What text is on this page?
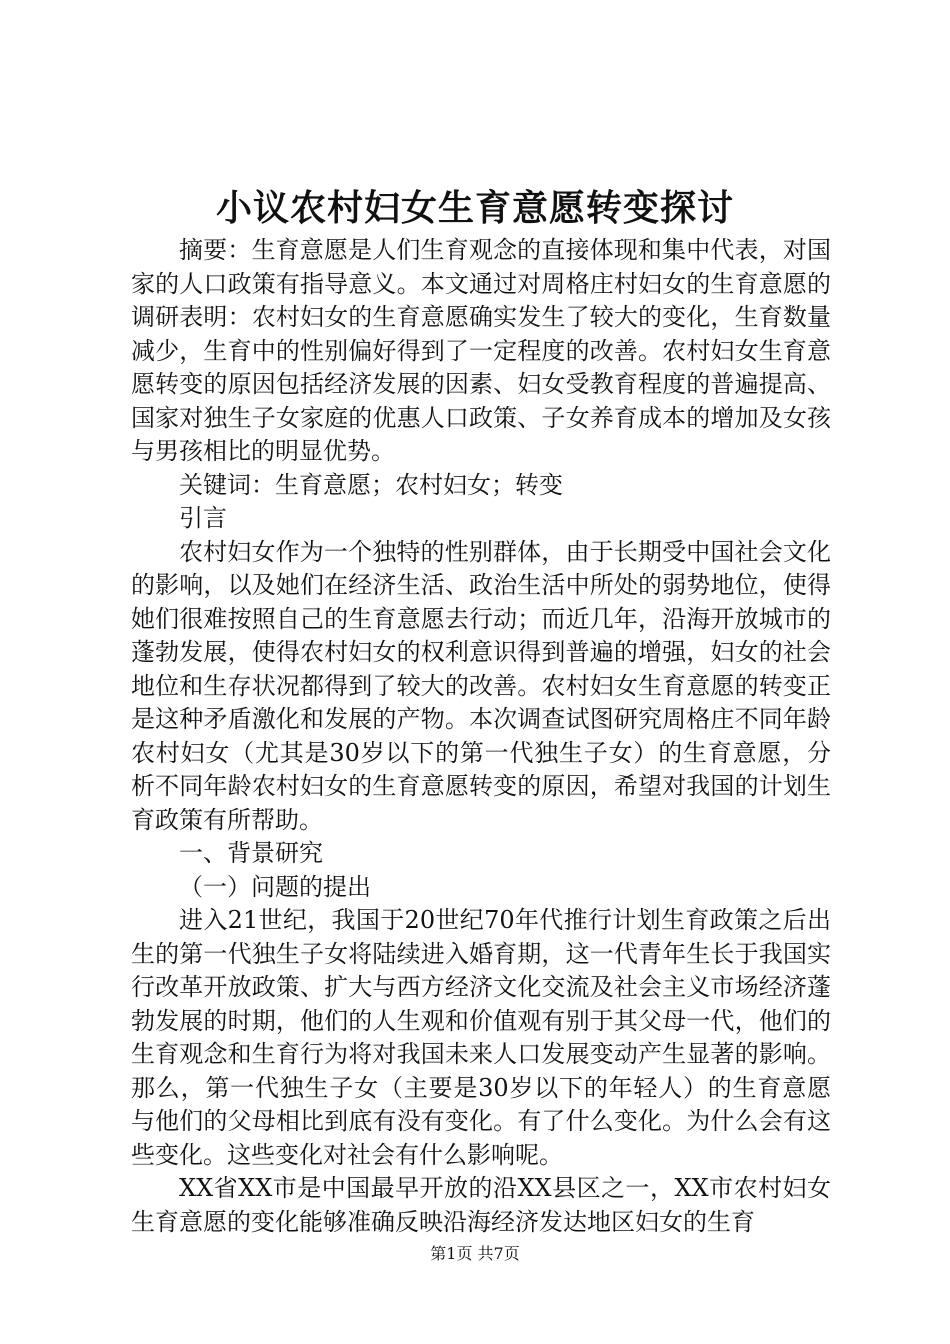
小议农村妇女生育意愿转变探讨

摘要：生育意愿是人们生育观念的直接体现和集中代表，对国家的人口政策有指导意义。本文通过对周格庄村妇女的生育意愿的调研表明：农村妇女的生育意愿确实发生了较大的变化，生育数量减少，生育中的性别偏好得到了一定程度的改善。农村妇女生育意愿转变的原因包括经济发展的因素、妇女受教育程度的普遍提高、国家对独生子女家庭的优惠人口政策、子女养育成本的增加及女孩与男孩相比的明显优势。

关键词：生育意愿；农村妇女；转变

引言

农村妇女作为一个独特的性别群体，由于长期受中国社会文化的影响，以及她们在经济生活、政治生活中所处的弱势地位，使得她们很难按照自己的生育意愿去行动；而近几年，沿海开放城市的蓬勃发展，使得农村妇女的权利意识得到普遍的增强，妇女的社会地位和生存状况都得到了较大的改善。农村妇女生育意愿的转变正是这种矛盾激化和发展的产物。本次调查试图研究周格庄不同年龄农村妇女（尤其是30岁以下的第一代独生子女）的生育意愿，分析不同年龄农村妇女的生育意愿转变的原因，希望对我国的计划生育政策有所帮助。

一、背景研究

（一）问题的提出

进入21世纪，我国于20世纪70年代推行计划生育政策之后出生的第一代独生子女将陆续进入婚育期，这一代青年生长于我国实行改革开放政策、扩大与西方经济文化交流及社会主义市场经济蓬勃发展的时期，他们的人生观和价值观有别于其父母一代，他们的生育观念和生育行为将对我国未来人口发展变动产生显著的影响。那么，第一代独生子女（主要是30岁以下的年轻人）的生育意愿与他们的父母相比到底有没有变化。有了什么变化。为什么会有这些变化。这些变化对社会有什么影响呢。

XX省XX市是中国最早开放的沿XX县区之一，XX市农村妇女生育意愿的变化能够准确反映沿海经济发达地区妇女的生育

第1页 共7页
